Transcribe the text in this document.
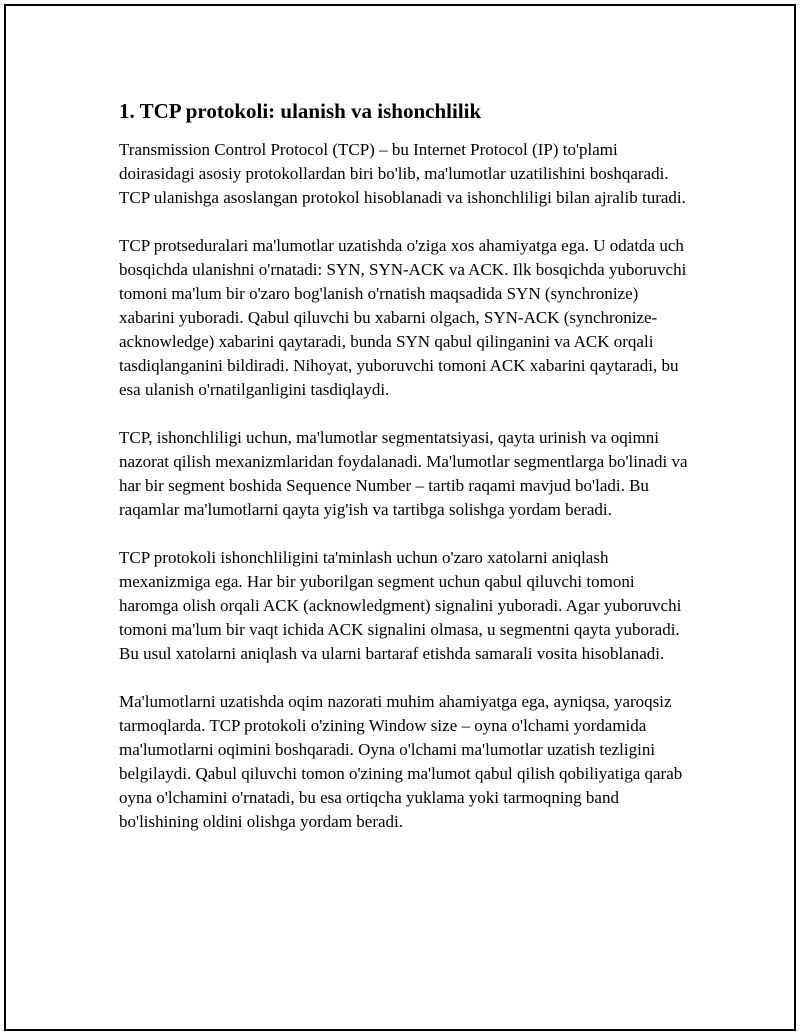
1. TCP protokoli: ulanish va ishonchlilik

Transmission Control Protocol (TCP) – bu Internet Protocol (IP) to'plami doirasidagi asosiy protokollardan biri bo'lib, ma'lumotlar uzatilishini boshqaradi. TCP ulanishga asoslangan protokol hisoblanadi va ishonchliligi bilan ajralib turadi.

TCP protseduralari ma'lumotlar uzatishda o'ziga xos ahamiyatga ega. U odatda uch bosqichda ulanishni o'rnatadi: SYN, SYN-ACK va ACK. Ilk bosqichda yuboruvchi tomoni ma'lum bir o'zaro bog'lanish o'rnatish maqsadida SYN (synchronize) xabarini yuboradi. Qabul qiluvchi bu xabarni olgach, SYN-ACK (synchronize-acknowledge) xabarini qaytaradi, bunda SYN qabul qilinganini va ACK orqali tasdiqlanganini bildiradi. Nihoyat, yuboruvchi tomoni ACK xabarini qaytaradi, bu esa ulanish o'rnatilganligini tasdiqlaydi.

TCP, ishonchliligi uchun, ma'lumotlar segmentatsiyasi, qayta urinish va oqimni nazorat qilish mexanizmlaridan foydalanadi. Ma'lumotlar segmentlarga bo'linadi va har bir segment boshida Sequence Number – tartib raqami mavjud bo'ladi. Bu raqamlar ma'lumotlarni qayta yig'ish va tartibga solishga yordam beradi.

TCP protokoli ishonchliligini ta'minlash uchun o'zaro xatolarni aniqlash mexanizmiga ega. Har bir yuborilgan segment uchun qabul qiluvchi tomoni haromga olish orqali ACK (acknowledgment) signalini yuboradi. Agar yuboruvchi tomoni ma'lum bir vaqt ichida ACK signalini olmasa, u segmentni qayta yuboradi. Bu usul xatolarni aniqlash va ularni bartaraf etishda samarali vosita hisoblanadi.

Ma'lumotlarni uzatishda oqim nazorati muhim ahamiyatga ega, ayniqsa, yaroqsiz tarmoqlarda. TCP protokoli o'zining Window size – oyna o'lchami yordamida ma'lumotlarni oqimini boshqaradi. Oyna o'lchami ma'lumotlar uzatish tezligini belgilaydi. Qabul qiluvchi tomon o'zining ma'lumot qabul qilish qobiliyatiga qarab oyna o'lchamini o'rnatadi, bu esa ortiqcha yuklama yoki tarmoqning band bo'lishining oldini olishga yordam beradi.
